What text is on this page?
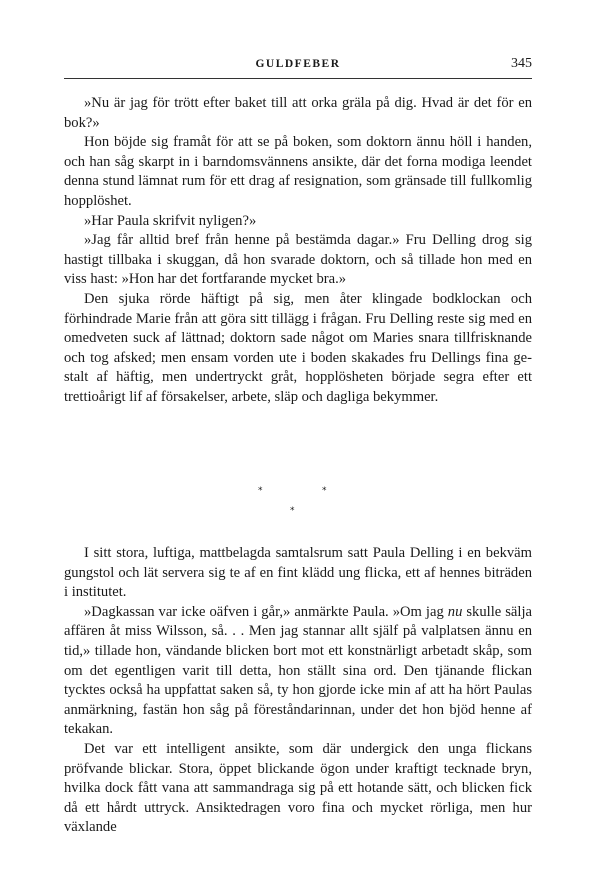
GULDFEBER	345

»Nu är jag för trött efter baket till att orka gräla på dig. Hvad är det för en bok?»

Hon böjde sig framåt för att se på boken, som doktorn ännu höll i handen, och han såg skarpt in i barndomsvännens ansikte, där det forna modiga leendet denna stund lämnat rum för ett drag af resignation, som gränsade till fullkomlig hopplöshet.

»Har Paula skrifvit nyligen?»

»Jag får alltid bref från henne på bestämda dagar.» Fru Delling drog sig hastigt tillbaka i skuggan, då hon svarade doktorn, och så tillade hon med en viss hast: »Hon har det fortfarande mycket bra.»

Den sjuka rörde häftigt på sig, men åter klingade bodklockan och förhindrade Marie från att göra sitt tillägg i frågan. Fru Delling reste sig med en omedveten suck af lättnad; doktorn sade något om Maries snara tillfrisknande och tog afsked; men ensam vorden ute i boden skakades fru Dellings fina gestalt af häftig, men undertryckt gråt, hopplösheten började segra efter ett trettioårigt lif af försakelser, arbete, släp och dagliga bekymmer.

*	*
*

I sitt stora, luftiga, mattbelagda samtalsrum satt Paula Delling i en bekväm gungstol och lät servera sig te af en fint klädd ung flicka, ett af hennes biträden i institutet.

»Dagkassan var icke oäfven i går,» anmärkte Paula. »Om jag nu skulle sälja affären åt miss Wilsson, så. . . Men jag stannar allt själf på valplatsen ännu en tid,» tillade hon, vändande blicken bort mot ett konstnärligt arbetadt skåp, som om det egentligen varit till detta, hon ställt sina ord. Den tjänande flickan tycktes också ha uppfattat saken så, ty hon gjorde icke min af att ha hört Paulas anmärkning, fastän hon såg på föreståndarinnan, under det hon bjöd henne af tekakan.

Det var ett intelligent ansikte, som där undergick den unga flickans pröfvande blickar. Stora, öppet blickande ögon under kraftigt tecknade bryn, hvilka dock fått vana att sammandraga sig på ett hotande sätt, och blicken fick då ett hårdt uttryck. Ansiktedragen voro fina och mycket rörliga, men hur växlande
